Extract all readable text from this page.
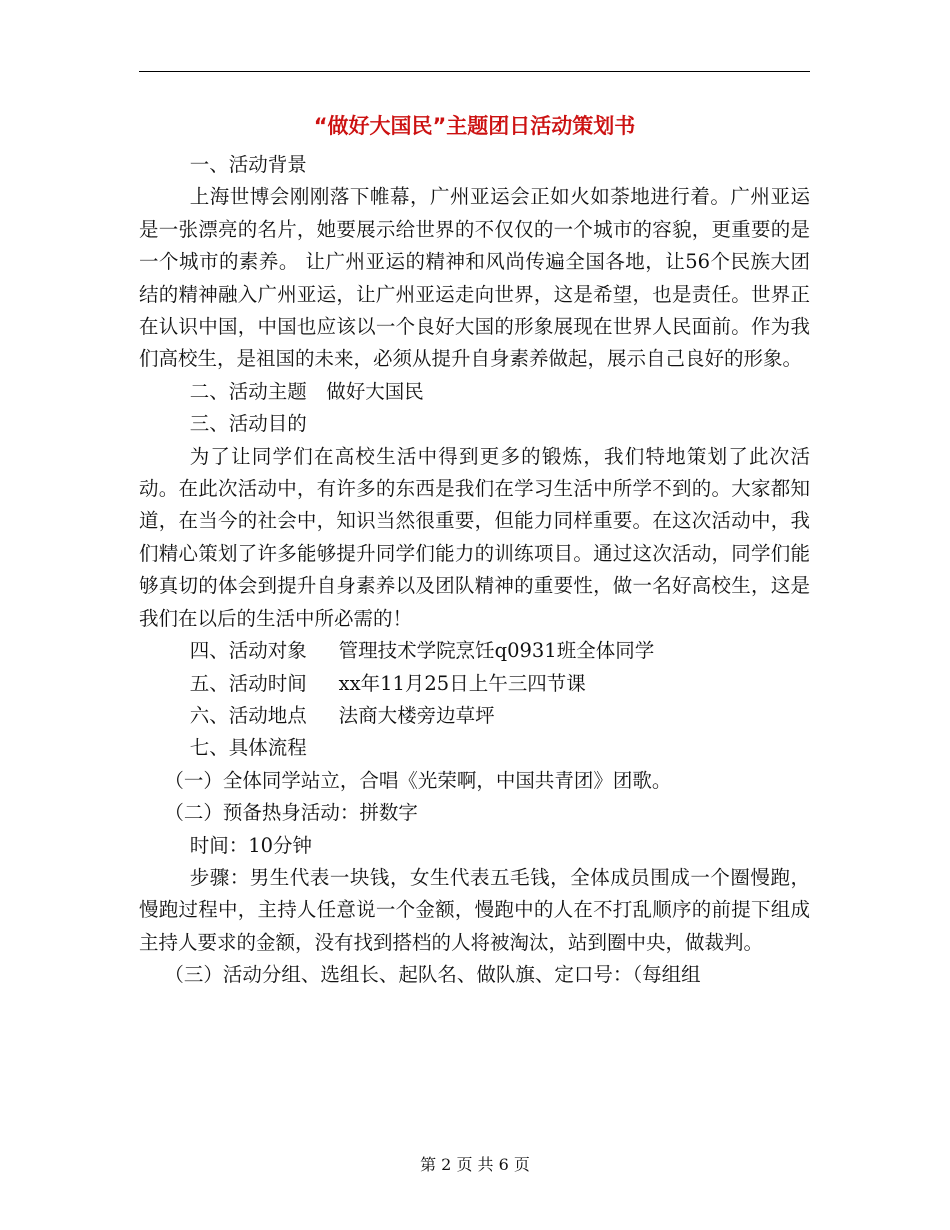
“做好大国民”主题团日活动策划书

一、活动背景

上海世博会刚刚落下帷幕，广州亚运会正如火如荼地进行着。广州亚运是一张漂亮的名片，她要展示给世界的不仅仅的一个城市的容貌，更重要的是一个城市的素养。 让广州亚运的精神和风尚传遍全国各地，让56个民族大团结的精神融入广州亚运，让广州亚运走向世界，这是希望，也是责任。世界正在认识中国，中国也应该以一个良好大国的形象展现在世界人民面前。作为我们高校生，是祖国的未来，必须从提升自身素养做起，展示自己良好的形象。

二、活动主题　做好大国民

三、活动目的

为了让同学们在高校生活中得到更多的锻炼，我们特地策划了此次活动。在此次活动中，有许多的东西是我们在学习生活中所学不到的。大家都知道，在当今的社会中，知识当然很重要，但能力同样重要。在这次活动中，我们精心策划了许多能够提升同学们能力的训练项目。通过这次活动，同学们能够真切的体会到提升自身素养以及团队精神的重要性，做一名好高校生，这是我们在以后的生活中所必需的！

四、活动对象　  管理技术学院烹饪q0931班全体同学

五、活动时间　  xx年11月25日上午三四节课

六、活动地点　  法商大楼旁边草坪

七、具体流程

（一）全体同学站立，合唱《光荣啊，中国共青团》团歌。

（二）预备热身活动：拼数字

时间：10分钟

步骤：男生代表一块钱，女生代表五毛钱，全体成员围成一个圈慢跑，慢跑过程中，主持人任意说一个金额，慢跑中的人在不打乱顺序的前提下组成主持人要求的金额，没有找到搭档的人将被淘汰，站到圈中央，做裁判。

（三）活动分组、选组长、起队名、做队旗、定口号：（每组组

第 2 页 共 6 页
